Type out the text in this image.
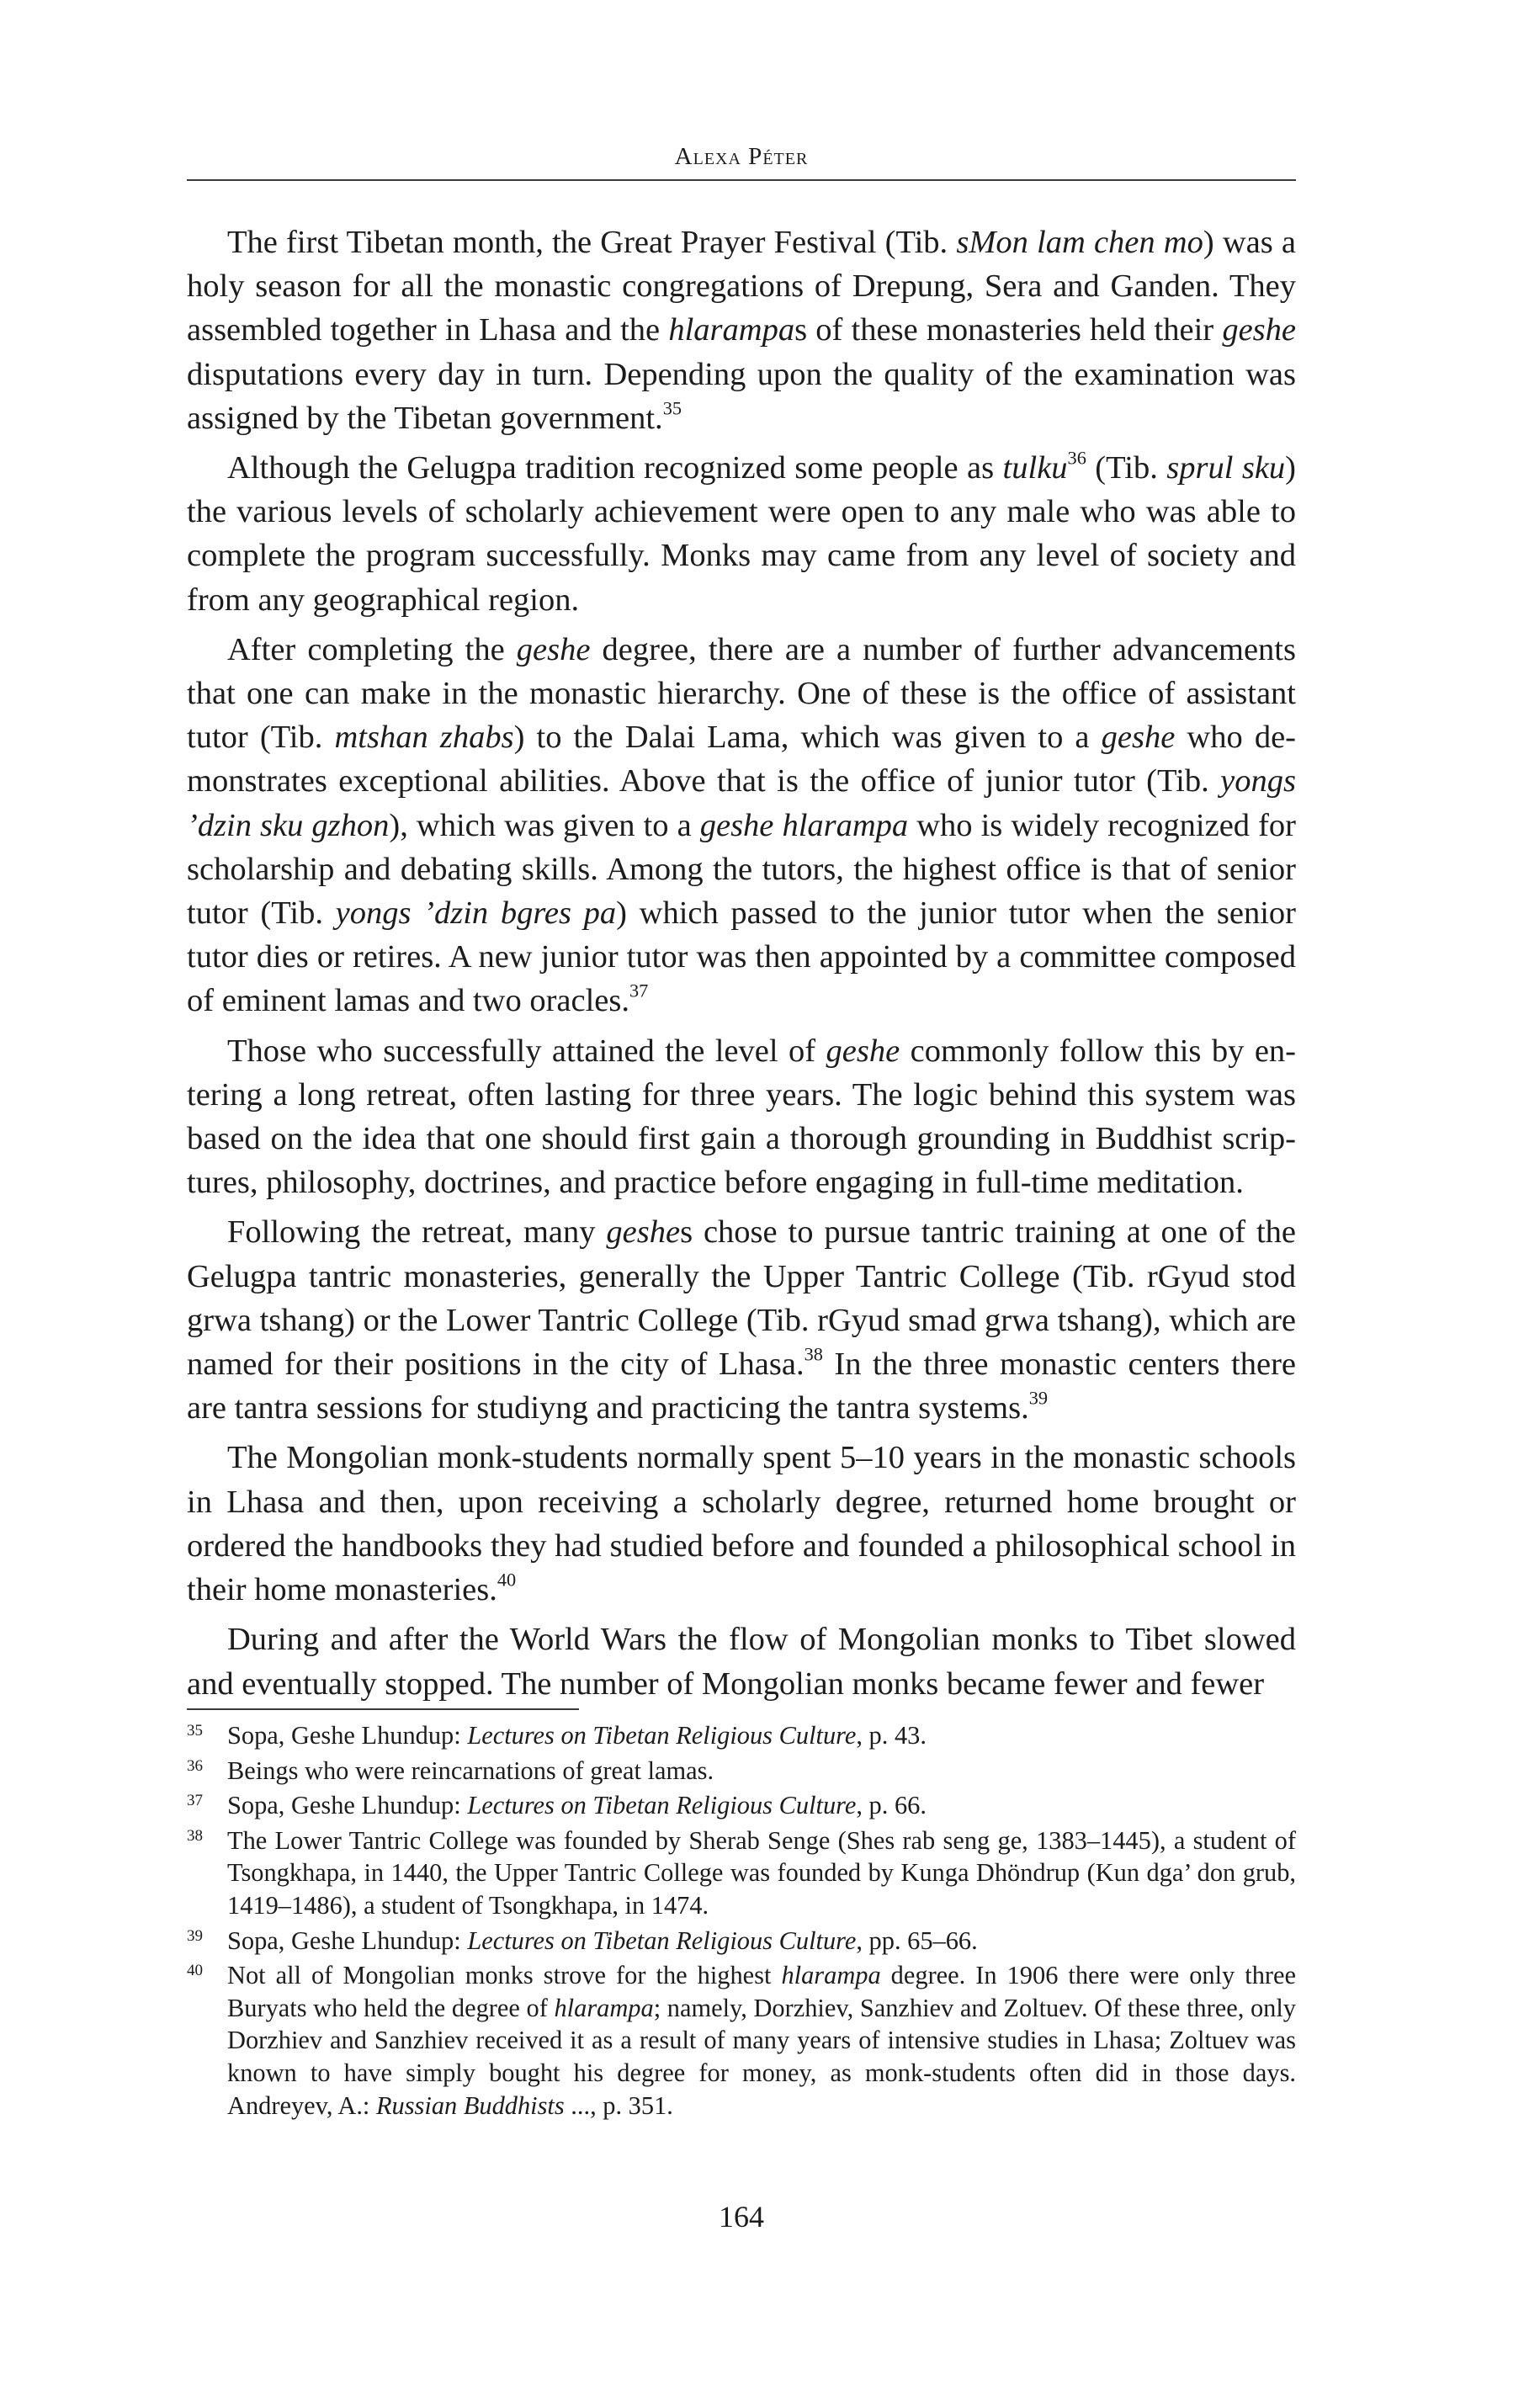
Alexa Péter

The first Tibetan month, the Great Prayer Festival (Tib. sMon lam chen mo) was a holy season for all the monastic congregations of Drepung, Sera and Ganden. They assembled together in Lhasa and the hlarampas of these monasteries held their geshe disputations every day in turn. Depending upon the quality of the examination was assigned by the Tibetan government.$^{35}$

Although the Gelugpa tradition recognized some people as tulku$^{36}$ (Tib. sprul sku) the various levels of scholarly achievement were open to any male who was able to complete the program successfully. Monks may came from any level of society and from any geographical region.

After completing the geshe degree, there are a number of further advancements that one can make in the monastic hierarchy. One of these is the office of assistant tutor (Tib. mtshan zhabs) to the Dalai Lama, which was given to a geshe who demonstrates exceptional abilities. Above that is the office of junior tutor (Tib. yongs ’dzin sku gzhon), which was given to a geshe hlarampa who is widely recognized for scholarship and debating skills. Among the tutors, the highest office is that of senior tutor (Tib. yongs ’dzin bgres pa) which passed to the junior tutor when the senior tutor dies or retires. A new junior tutor was then appointed by a committee composed of eminent lamas and two oracles.$^{37}$

Those who successfully attained the level of geshe commonly follow this by entering a long retreat, often lasting for three years. The logic behind this system was based on the idea that one should first gain a thorough grounding in Buddhist scriptures, philosophy, doctrines, and practice before engaging in full-time meditation.

Following the retreat, many geshes chose to pursue tantric training at one of the Gelugpa tantric monasteries, generally the Upper Tantric College (Tib. rGyud stod grwa tshang) or the Lower Tantric College (Tib. rGyud smad grwa tshang), which are named for their positions in the city of Lhasa.$^{38}$ In the three monastic centers there are tantra sessions for studiyng and practicing the tantra systems.$^{39}$

The Mongolian monk-students normally spent 5–10 years in the monastic schools in Lhasa and then, upon receiving a scholarly degree, returned home brought or ordered the handbooks they had studied before and founded a philosophical school in their home monasteries.$^{40}$

During and after the World Wars the flow of Mongolian monks to Tibet slowed and eventually stopped. The number of Mongolian monks became fewer and fewer

35 Sopa, Geshe Lhundup: Lectures on Tibetan Religious Culture, p. 43.
36 Beings who were reincarnations of great lamas.
37 Sopa, Geshe Lhundup: Lectures on Tibetan Religious Culture, p. 66.
38 The Lower Tantric College was founded by Sherab Senge (Shes rab seng ge, 1383–1445), a student of Tsongkhapa, in 1440, the Upper Tantric College was founded by Kunga Dhöndrup (Kun dga’ don grub, 1419–1486), a student of Tsongkhapa, in 1474.
39 Sopa, Geshe Lhundup: Lectures on Tibetan Religious Culture, pp. 65–66.
40 Not all of Mongolian monks strove for the highest hlarampa degree. In 1906 there were only three Buryats who held the degree of hlarampa; namely, Dorzhiev, Sanzhiev and Zoltuev. Of these three, only Dorzhiev and Sanzhiev received it as a result of many years of intensive studies in Lhasa; Zoltuev was known to have simply bought his degree for money, as monk-students often did in those days. Andreyev, A.: Russian Buddhists ..., p. 351.
164
